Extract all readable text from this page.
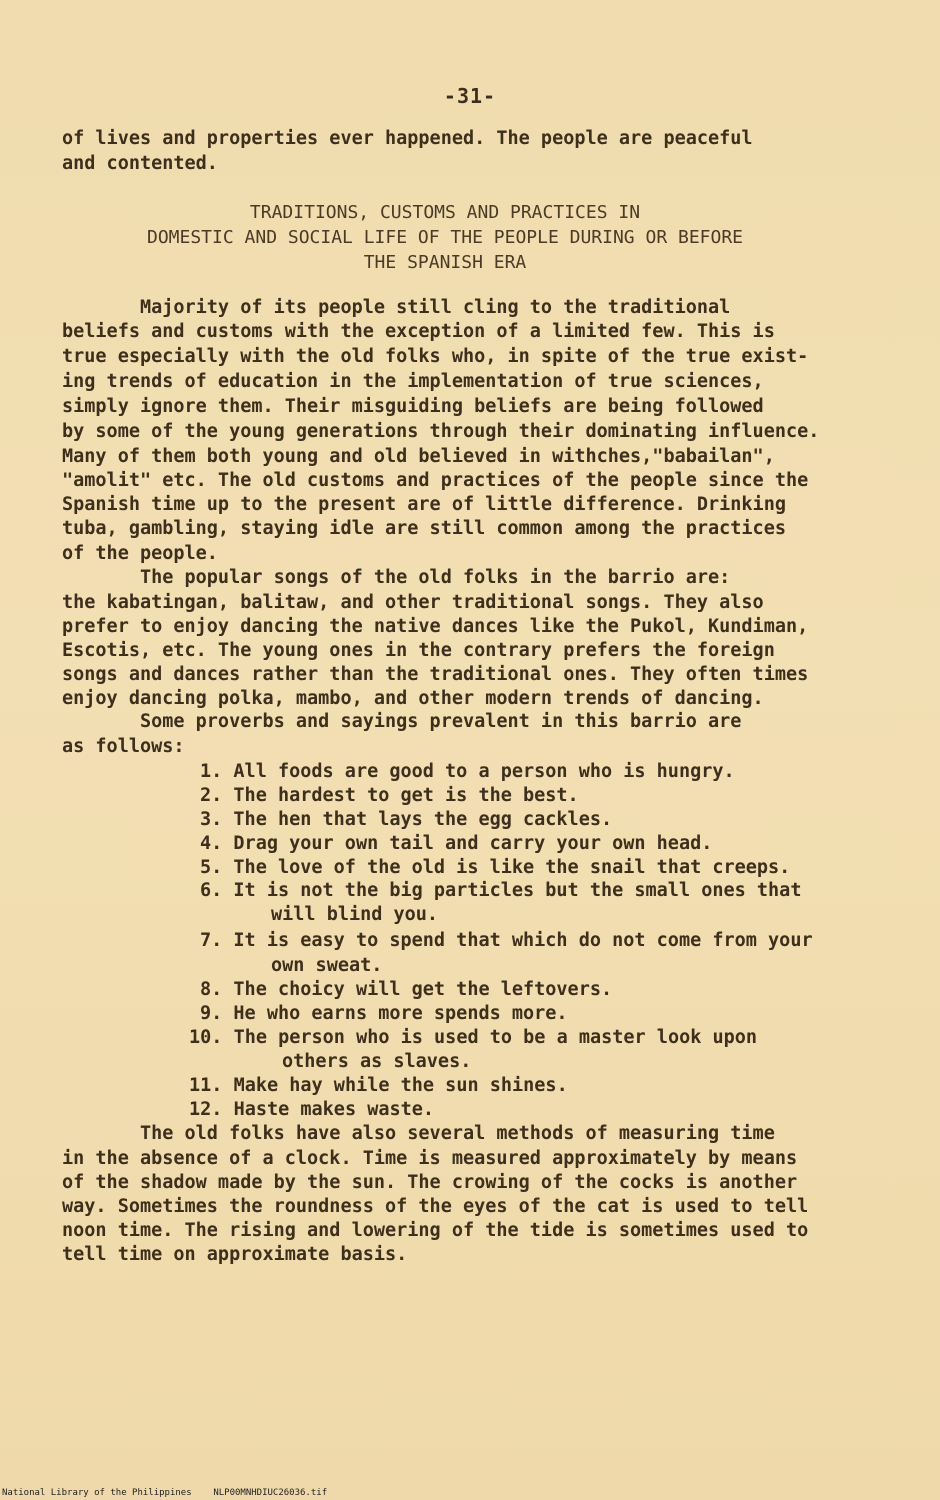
-31-
of lives and properties ever happened. The people are peaceful
and contented.
TRADITIONS, CUSTOMS AND PRACTICES IN
DOMESTIC AND SOCIAL LIFE OF THE PEOPLE DURING OR BEFORE
THE SPANISH ERA
Majority of its people still cling to the traditional
beliefs and customs with the exception of a limited few. This is
true especially with the old folks who, in spite of the true exist-
ing trends of education in the implementation of true sciences,
simply ignore them. Their misguiding beliefs are being followed
by some of the young generations through their dominating influence.
Many of them both young and old believed in withches,"babailan",
"amolit" etc. The old customs and practices of the people since the
Spanish time up to the present are of little difference. Drinking
tuba, gambling, staying idle are still common among the practices
of the people.
The popular songs of the old folks in the barrio are:
the kabatingan, balitaw, and other traditional songs. They also
prefer to enjoy dancing the native dances like the Pukol, Kundiman,
Escotis, etc. The young ones in the contrary prefers the foreign
songs and dances rather than the traditional ones. They often times
enjoy dancing polka, mambo, and other modern trends of dancing.
Some proverbs and sayings prevalent in this barrio are
as follows:
1. All foods are good to a person who is hungry.
2. The hardest to get is the best.
3. The hen that lays the egg cackles.
4. Drag your own tail and carry your own head.
5. The love of the old is like the snail that creeps.
6. It is not the big particles but the small ones that
will blind you.
7. It is easy to spend that which do not come from your
own sweat.
8. The choicy will get the leftovers.
9. He who earns more spends more.
10. The person who is used to be a master look upon
others as slaves.
11. Make hay while the sun shines.
12. Haste makes waste.
The old folks have also several methods of measuring time
in the absence of a clock. Time is measured approximately by means
of the shadow made by the sun. The crowing of the cocks is another
way. Sometimes the roundness of the eyes of the cat is used to tell
noon time. The rising and lowering of the tide is sometimes used to
tell time on approximate basis.
National Library of the Philippines    NLP00MNHDIUC26036.tif
